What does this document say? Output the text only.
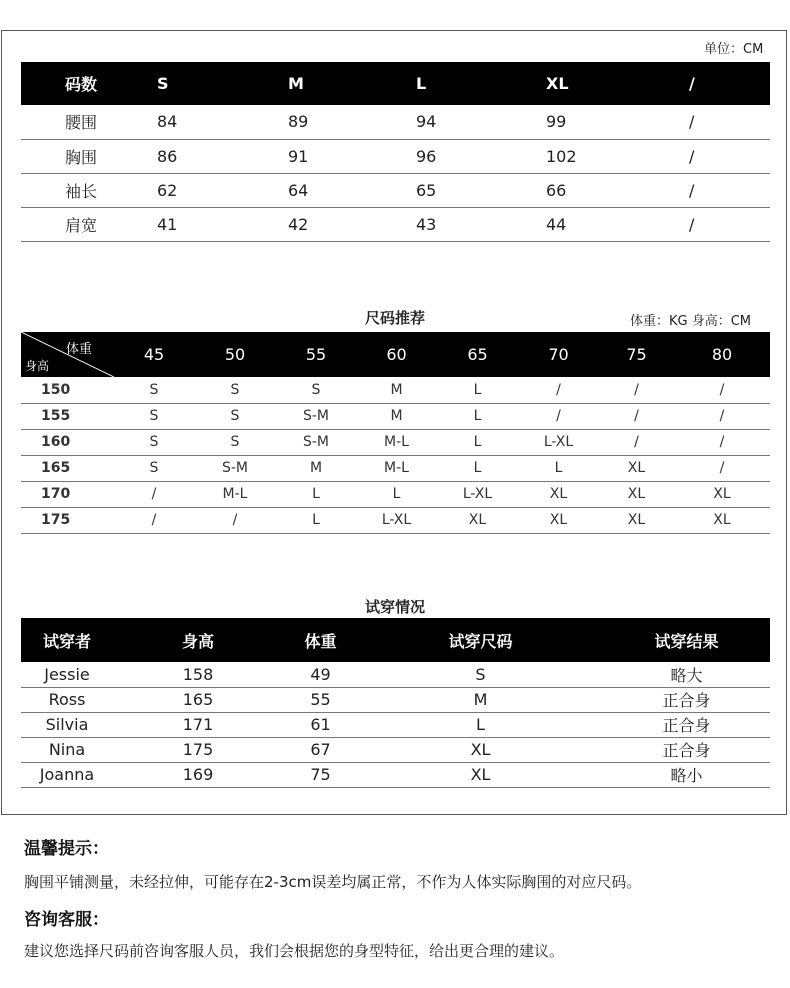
单位：CM
码数	S	M	L	XL	/
腰围	84	89	94	99	/
胸围	86	91	96	102	/
袖长	62	64	65	66	/
肩宽	41	42	43	44	/
尺码推荐	体重：KG 身高：CM
体重
身高	45	50	55	60	65	70	75	80
150	S	S	S	M	L	/	/	/
155	S	S	S-M	M	L	/	/	/
160	S	S	S-M	M-L	L	L-XL	/	/
165	S	S-M	M	M-L	L	L	XL	/
170	/	M-L	L	L	L-XL	XL	XL	XL
175	/	/	L	L-XL	XL	XL	XL	XL
试穿情况
试穿者	身高	体重	试穿尺码	试穿结果
Jessie	158	49	S	略大
Ross	165	55	M	正合身
Silvia	171	61	L	正合身
Nina	175	67	XL	正合身
Joanna	169	75	XL	略小
温馨提示：
胸围平铺测量，未经拉伸，可能存在2-3cm误差均属正常，不作为人体实际胸围的对应尺码。
咨询客服：
建议您选择尺码前咨询客服人员，我们会根据您的身型特征，给出更合理的建议。
